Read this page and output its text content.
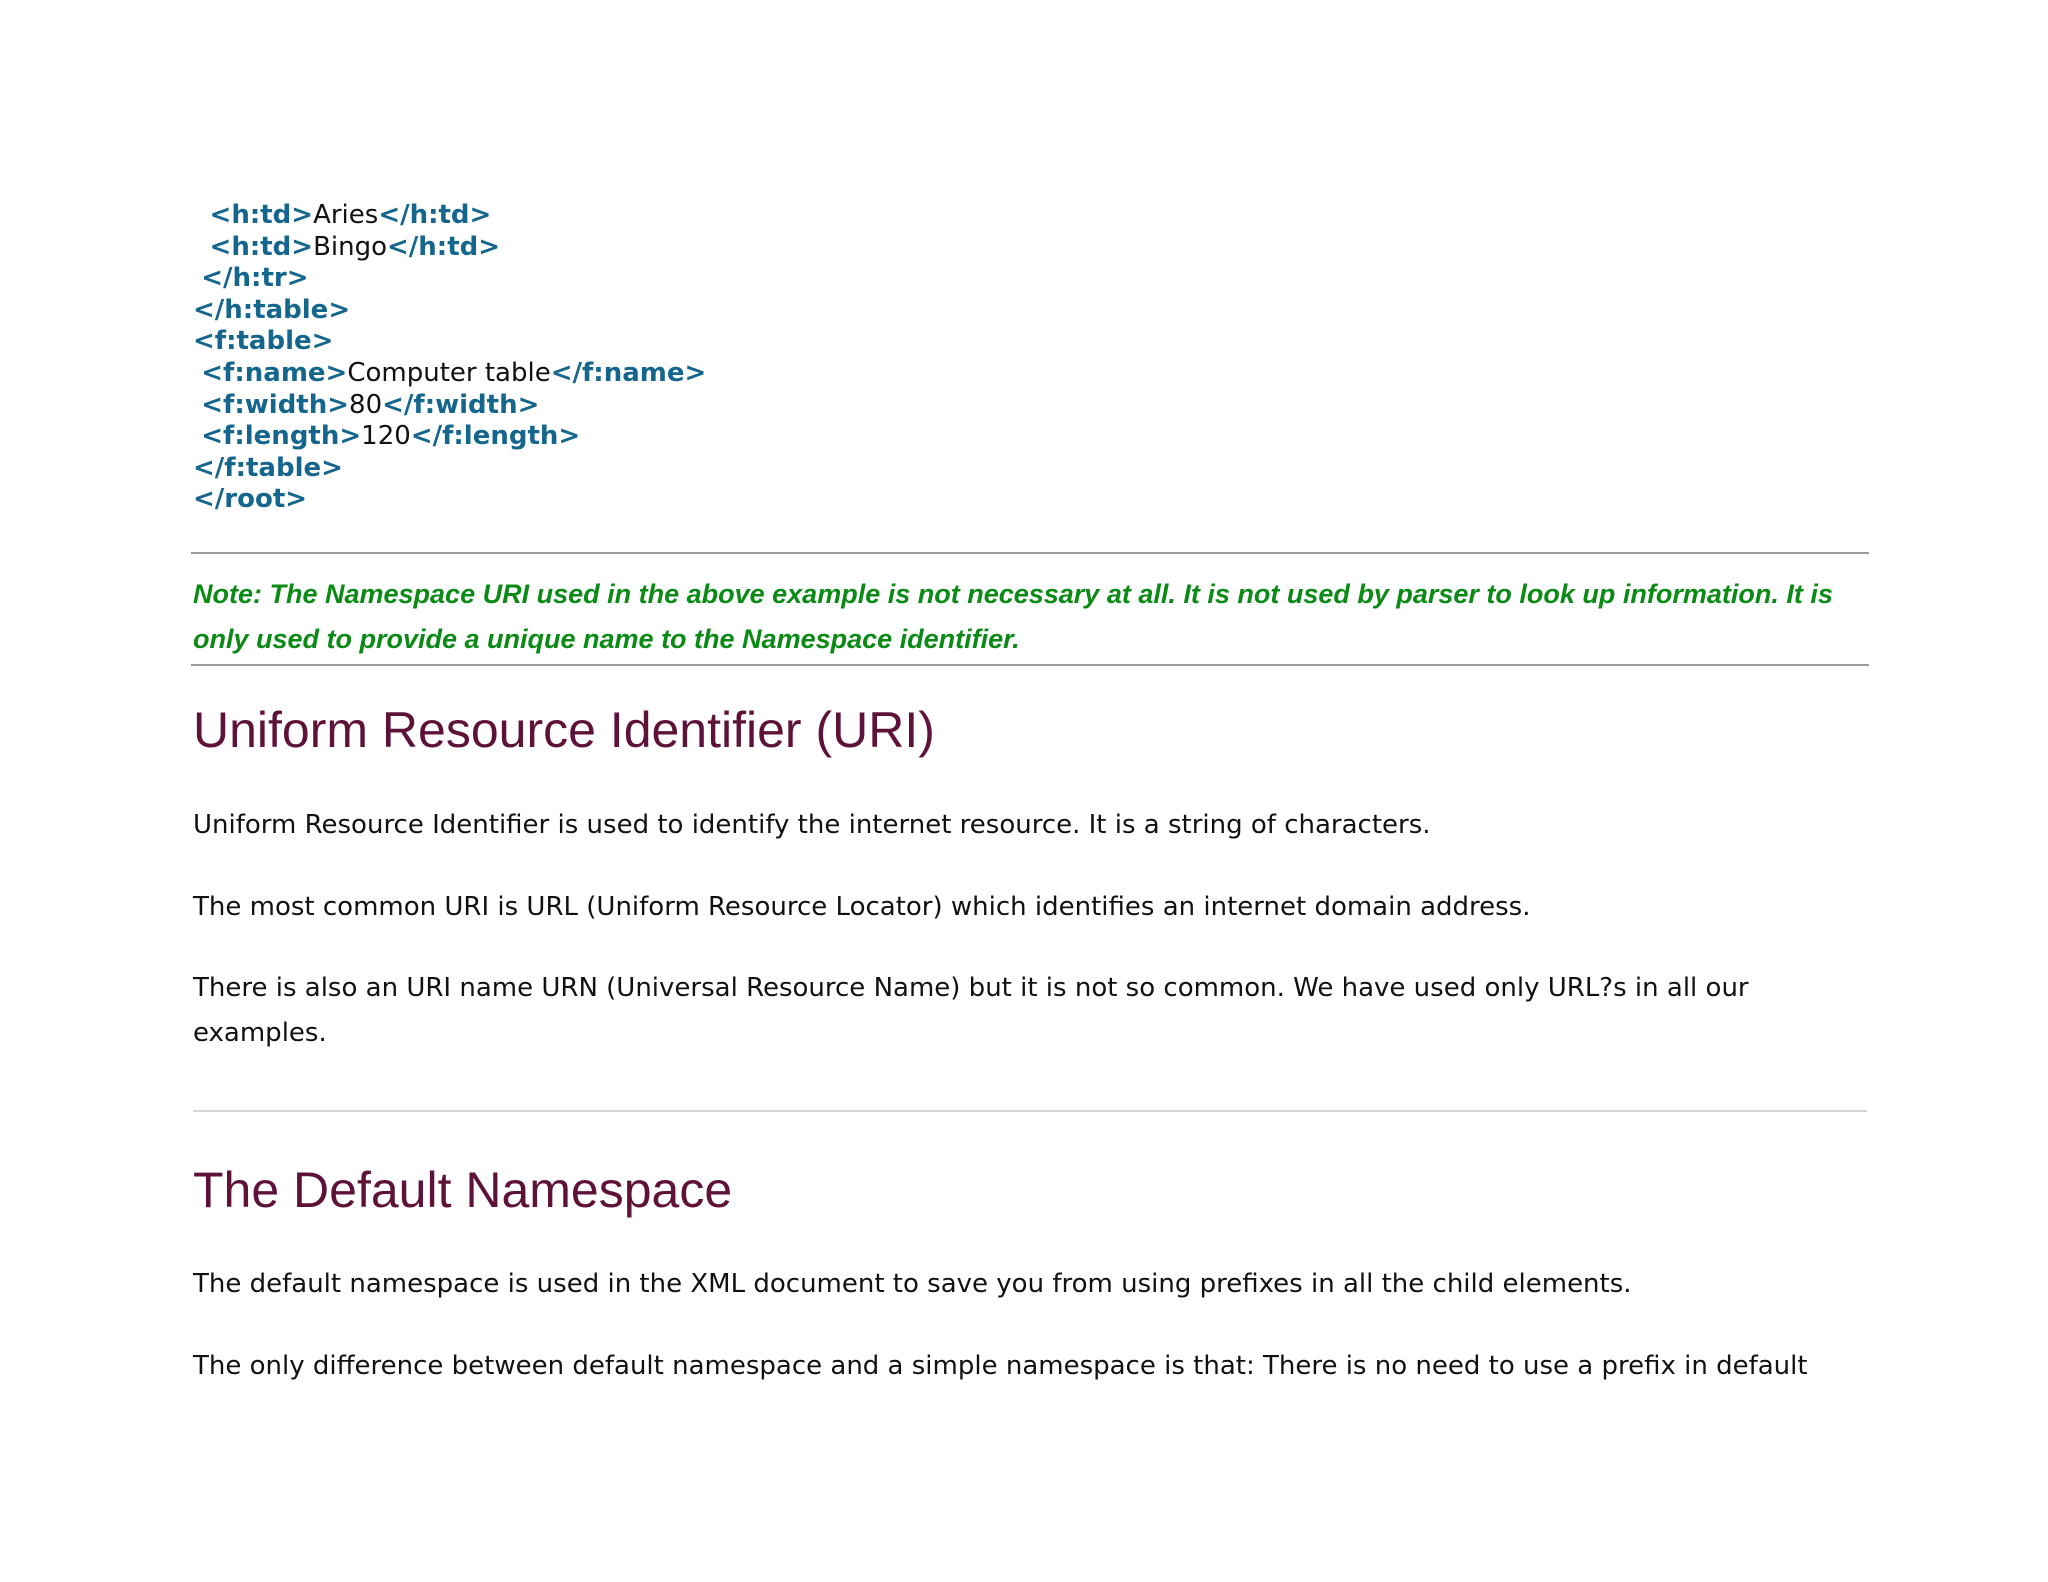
<h:td>Aries</h:td>
<h:td>Bingo</h:td>
</h:tr>
</h:table>
<f:table>
<f:name>Computer table</f:name>
<f:width>80</f:width>
<f:length>120</f:length>
</f:table>
</root>
Note: The Namespace URI used in the above example is not necessary at all. It is not used by parser to look up information. It is only used to provide a unique name to the Namespace identifier.
Uniform Resource Identifier (URI)

Uniform Resource Identifier is used to identify the internet resource. It is a string of characters.

The most common URI is URL (Uniform Resource Locator) which identifies an internet domain address.

There is also an URI name URN (Universal Resource Name) but it is not so common. We have used only URL?s in all our examples.

The Default Namespace

The default namespace is used in the XML document to save you from using prefixes in all the child elements.

The only difference between default namespace and a simple namespace is that: There is no need to use a prefix in default
